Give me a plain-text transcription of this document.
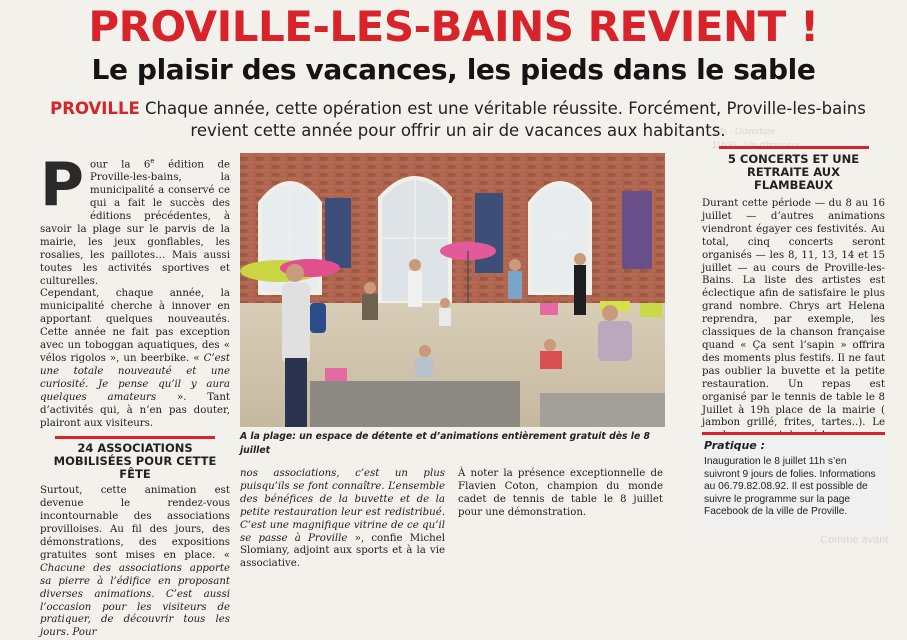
10h · Ouverture
11h30 · Vin d'honneur
Comme avant
PROVILLE-LES-BAINS REVIENT !
Le plaisir des vacances, les pieds dans le sable
PROVILLE Chaque année, cette opération est une véritable réussite. Forcément, Proville-les-bains revient cette année pour offrir un air de vacances aux habitants.
P our la 6e édition de Proville-les-bains, la municipalité a conservé ce qui a fait le succès des éditions précédentes, à savoir la plage sur le parvis de la mairie, les jeux gonflables, les rosalies, les paillotes… Mais aussi toutes les activités sportives et culturelles.

Cependant, chaque année, la municipalité cherche à innover en apportant quelques nouveautés. Cette année ne fait pas exception avec un toboggan aquatiques, des « vélos rigolos », un beerbike. « C’est une totale nouveauté et une curiosité. Je pense qu’il y aura quelques amateurs ». Tant d’activités qui, à n’en pas douter, plairont aux visiteurs.

24 ASSOCIATIONS MOBILISÉES POUR CETTE FÊTE

Surtout, cette animation est devenue le rendez-vous incontournable des associations provilloises. Au fil des jours, des démonstrations, des expositions gratuites sont mises en place. « Chacune des associations apporte sa pierre à l’édifice en proposant diverses animations. C’est aussi l’occasion pour les visiteurs de pratiquer, de découvrir tous les jours. Pour

A la plage: un espace de détente et d’animations entièrement gratuit dès le 8 juillet

nos associations, c’est un plus puisqu’ils se font connaître. L’ensemble des bénéfices de la buvette et de la petite restauration leur est redistribué. C’est une magnifique vitrine de ce qu’il se passe à Proville », confie Michel Slomiany, adjoint aux sports et à la vie associative.

À noter la présence exceptionnelle de Flavien Coton, champion du monde cadet de tennis de table le 8 juillet pour une démonstration.

5 CONCERTS ET UNE RETRAITE AUX FLAMBEAUX

Durant cette période — du 8 au 16 juillet — d’autres animations viendront égayer ces festivités. Au total, cinq concerts seront organisés — les 8, 11, 13, 14 et 15 juillet — au cours de Proville-les-Bains. La liste des artistes est éclectique afin de satisfaire le plus grand nombre. Chrys art Helena reprendra, par exemple, les classiques de la chanson française quand « Ça sent l’sapin » offrira des moments plus festifs. Il ne faut pas oublier la buvette et la petite restauration. Un repas est organisé par le tennis de table le 8 Juillet à 19h place de la mairie ( jambon grillé, frites, tartes..). Le

Pratique :
Inauguration le 8 juillet 11h s’en suivront 9 jours de folies. Informations au 06.79.82.08.92. Il est possible de suivre le programme sur la page Facebook de la ville de Proville.
